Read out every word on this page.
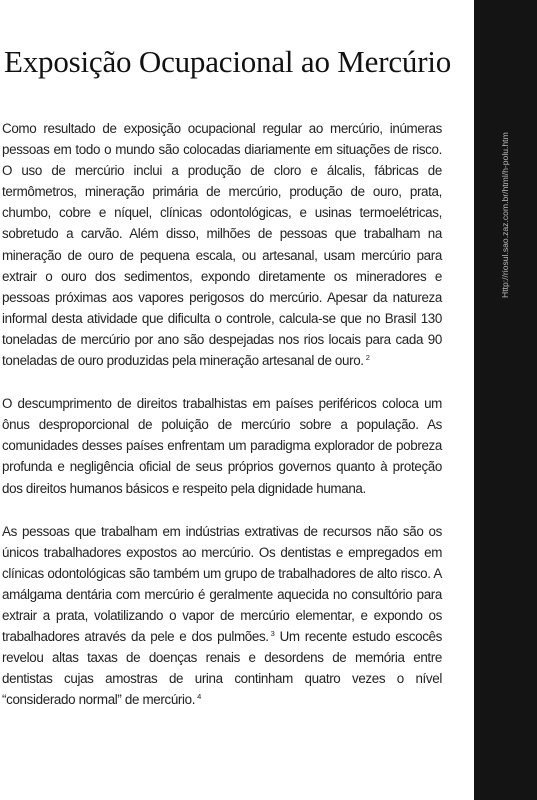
Exposição Ocupacional ao Mercúrio

Como resultado de exposição ocupacional regular ao mercúrio, inúmeras pessoas em todo o mundo são colocadas diariamente em situações de risco. O uso de mercúrio inclui a produção de cloro e álcalis, fábricas de termômetros, mineração primária de mercúrio, produção de ouro, prata, chumbo, cobre e níquel, clínicas odontológicas, e usinas termoelétricas, sobretudo a carvão. Além disso, milhões de pessoas que trabalham na mineração de ouro de pequena escala, ou artesanal, usam mercúrio para extrair o ouro dos sedimentos, expondo diretamente os mineradores e pessoas próximas aos vapores perigosos do mercúrio. Apesar da natureza informal desta atividade que dificulta o controle, calcula-se que no Brasil 130 toneladas de mercúrio por ano são despejadas nos rios locais para cada 90 toneladas de ouro produzidas pela mineração artesanal de ouro. $^2$

O descumprimento de direitos trabalhistas em países periféricos coloca um ônus desproporcional de poluição de mercúrio sobre a população. As comunidades desses países enfrentam um paradigma explorador de pobreza profunda e negligência oficial de seus próprios governos quanto à proteção dos direitos humanos básicos e respeito pela dignidade humana.

As pessoas que trabalham em indústrias extrativas de recursos não são os únicos trabalhadores expostos ao mercúrio. Os dentistas e empregados em clínicas odontológicas são também um grupo de trabalhadores de alto risco. A amálgama dentária com mercúrio é geralmente aquecida no consultório para extrair a prata, volatilizando o vapor de mercúrio elementar, e expondo os trabalhadores através da pele e dos pulmões. $^3$ Um recente estudo escocês revelou altas taxas de doenças renais e desordens de memória entre dentistas cujas amostras de urina continham quatro vezes o nível “considerado normal” de mercúrio. $^4$

Http://riosul.sao.zaz.com.br/html/h-polu.htm
